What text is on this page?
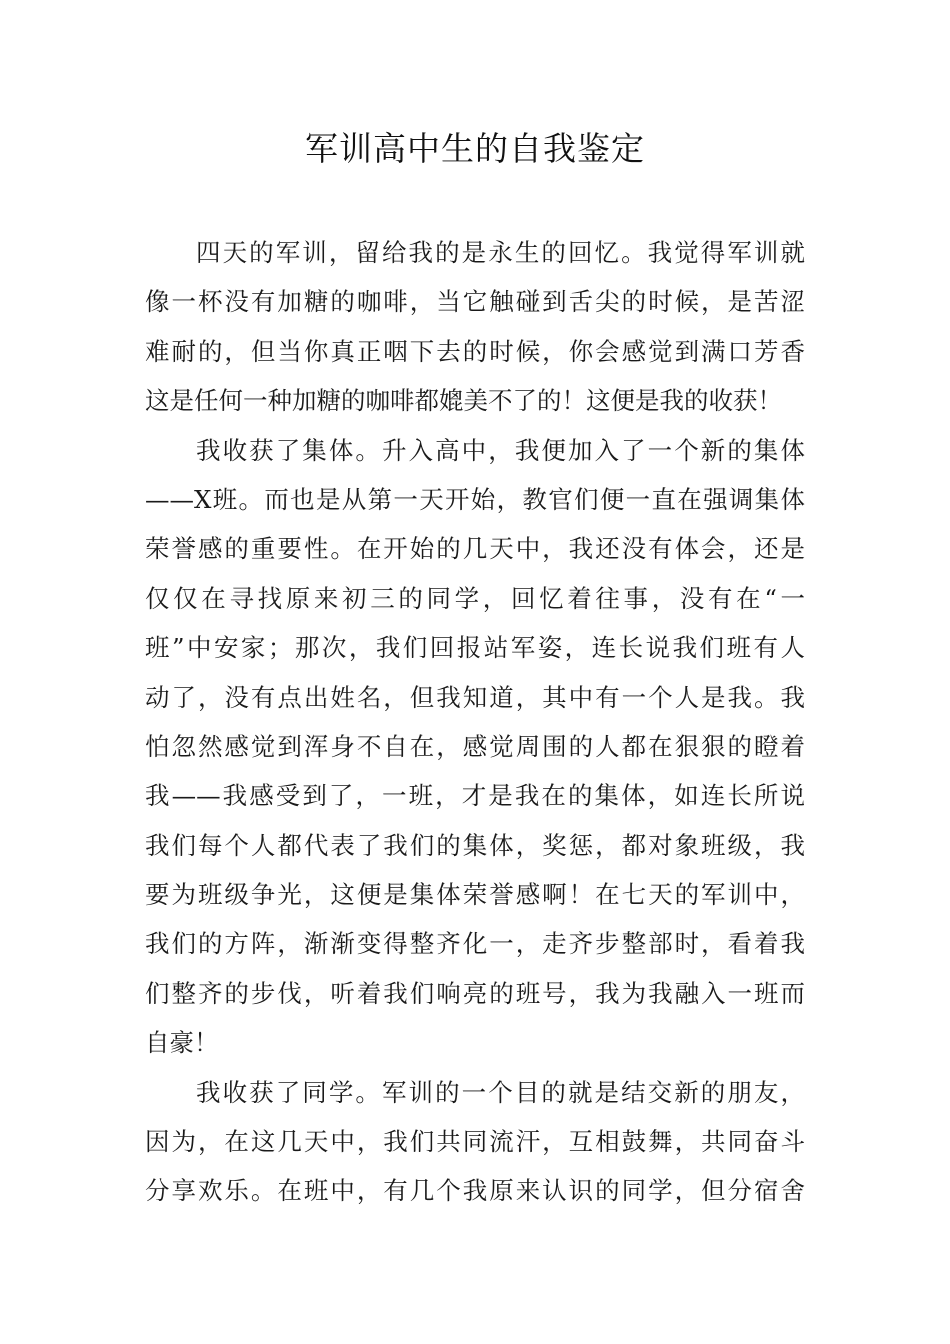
军训高中生的自我鉴定
四天的军训，留给我的是永生的回忆。我觉得军训就
像一杯没有加糖的咖啡，当它触碰到舌尖的时候，是苦涩
难耐的，但当你真正咽下去的时候，你会感觉到满口芳香
这是任何一种加糖的咖啡都媲美不了的！这便是我的收获！
我收获了集体。升入高中，我便加入了一个新的集体
——X班。而也是从第一天开始，教官们便一直在强调集体
荣誉感的重要性。在开始的几天中，我还没有体会，还是
仅仅在寻找原来初三的同学，回忆着往事，没有在“一
班”中安家；那次，我们回报站军姿，连长说我们班有人
动了，没有点出姓名，但我知道，其中有一个人是我。我
怕忽然感觉到浑身不自在，感觉周围的人都在狠狠的瞪着
我——我感受到了，一班，才是我在的集体，如连长所说
我们每个人都代表了我们的集体，奖惩，都对象班级，我
要为班级争光，这便是集体荣誉感啊！在七天的军训中，
我们的方阵，渐渐变得整齐化一，走齐步整部时，看着我
们整齐的步伐，听着我们响亮的班号，我为我融入一班而
自豪！
我收获了同学。军训的一个目的就是结交新的朋友，
因为，在这几天中，我们共同流汗，互相鼓舞，共同奋斗
分享欢乐。在班中，有几个我原来认识的同学，但分宿舍
